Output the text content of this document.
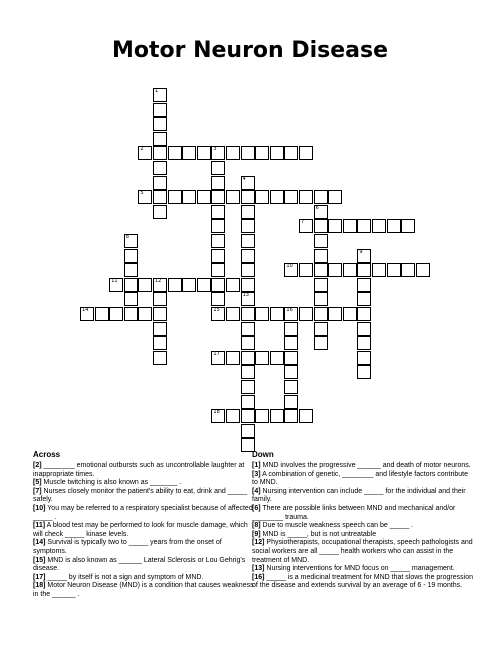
Motor Neuron Disease
1
2	3
4
13
5
6
7
8
9
10
11	12
14	15	16
17
18
Across	Down
[2] ________ emotional outbursts such as uncontrollable laughter at inappropriate times.
[5] Muscle twitching is also known as _______ .
[7] Nurses closely monitor the patient's ability to eat, drink and _____ safely.
[10] You may be referred to a respiratory specialist because of affected _____ .
[11] A blood test may be performed to look for muscle damage, which will check _____ kinase levels.
[14] Survival is typically two to _____ years from the onset of symptoms.
[15] MND is also known as ______ Lateral Sclerosis or Lou Gehrig's disease.
[17] _____ by itself is not a sign and symptom of MND.
[18] Motor Neuron Disease (MND) is a condition that causes weakness in the ______ .
[1] MND involves the progressive ______ and death of motor neurons.
[3] A combination of genetic, ________ and lifestyle factors contribute to MND.
[4] Nursing intervention can include _____ for the individual and their family.
[6] There are possible links between MND and mechanical and/or ________ trauma.
[8] Due to muscle weakness speech can be _____ .
[9] MND is _____, but is not untreatable
[12] Physiotherapists, occupational therapists, speech pathologists and social workers are all _____ health workers who can assist in the treatment of MND.
[13] Nursing interventions for MND focus on _____ management.
[16] _____ is a medicinal treatment for MND that slows the progression of the disease and extends survival by an average of 6 - 19 months.
